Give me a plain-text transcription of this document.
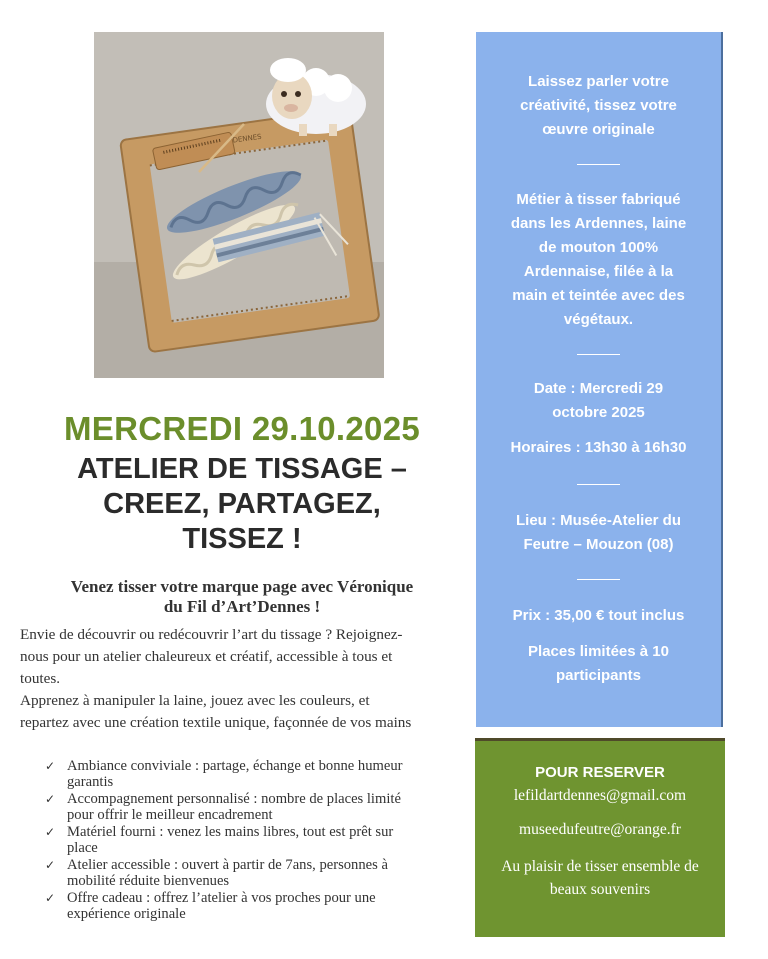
D'ARTDENNES
MERCREDI 29.10.2025
ATELIER DE TISSAGE –
CREEZ, PARTAGEZ,
TISSEZ !

Venez tisser votre marque page avec Véronique
du Fil d’Art’Dennes !

Envie de découvrir ou redécouvrir l’art du tissage ? Rejoignez-

nous pour un atelier chaleureux et créatif, accessible à tous et

toutes.

Apprenez à manipuler la laine, jouez avec les couleurs, et

repartez avec une création textile unique, façonnée de vos mains

✓ Ambiance conviviale : partage, échange et bonne humeur
garantis
✓ Accompagnement personnalisé : nombre de places limité
pour offrir le meilleur encadrement
✓ Matériel fourni : venez les mains libres, tout est prêt sur
place
✓ Atelier accessible : ouvert à partir de 7ans, personnes à
mobilité réduite bienvenues
✓ Offre cadeau : offrez l’atelier à vos proches pour une
expérience originale

Laissez parler votre
créativité, tissez votre
œuvre originale

Métier à tisser fabriqué
dans les Ardennes, laine
de mouton 100%
Ardennaise, filée à la
main et teintée avec des
végétaux.

Date : Mercredi 29
octobre 2025

Horaires : 13h30 à 16h30

Lieu : Musée-Atelier du
Feutre – Mouzon (08)

Prix : 35,00 € tout inclus

Places limitées à 10
participants

POUR RESERVER

lefildartdennes@gmail.com

museedufeutre@orange.fr

Au plaisir de tisser ensemble de
beaux souvenirs
